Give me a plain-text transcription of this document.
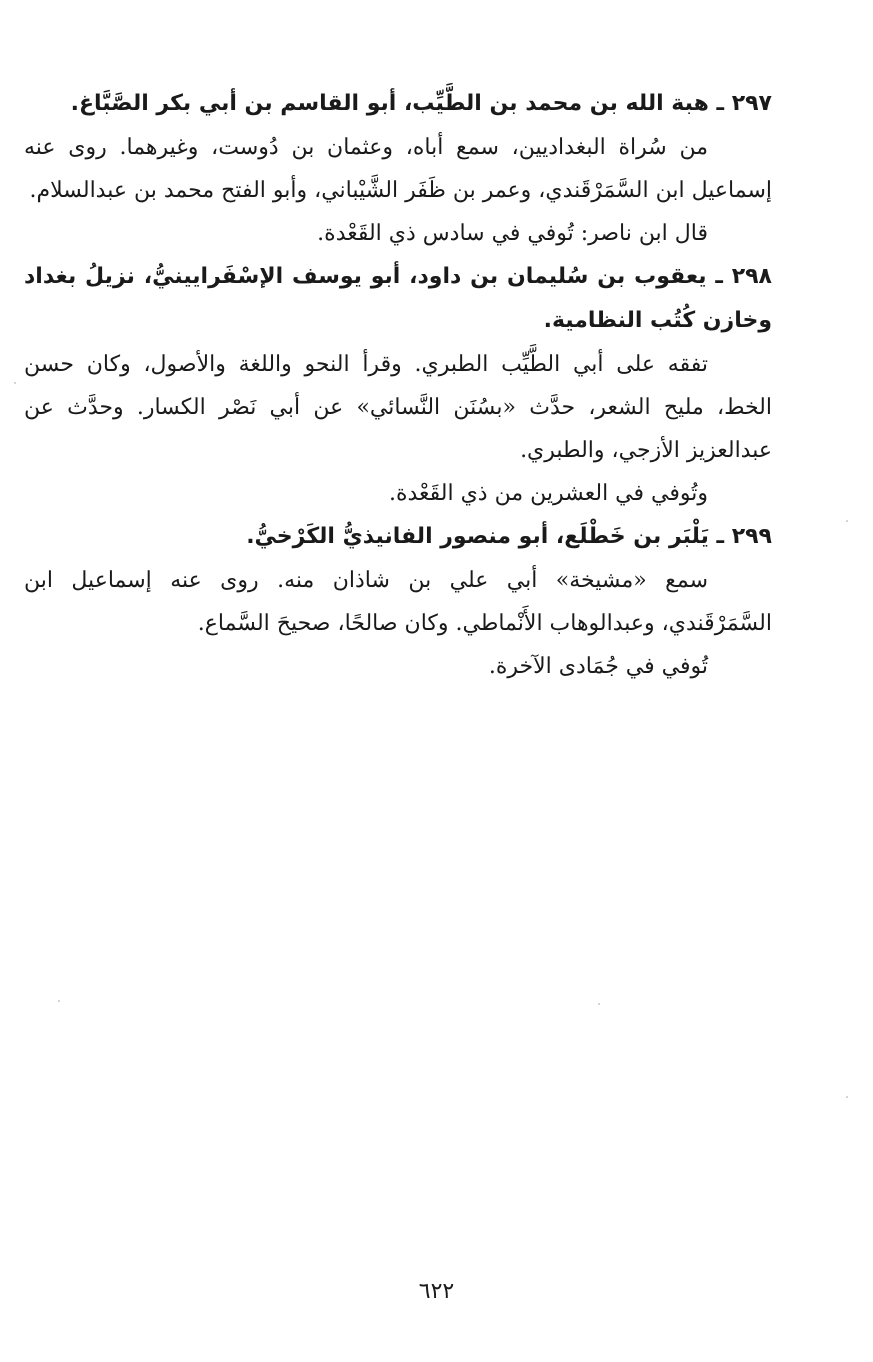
٢٩٧ ـ هبة الله بن محمد بن الطَّيِّب، أبو القاسم بن أبي بكر الصَّبَّاغ.

من سُراة البغداديين، سمع أباه، وعثمان بن دُوست، وغيرهما. روى عنه إسماعيل ابن السَّمَرْقَندي، وعمر بن ظَفَر الشَّيْباني، وأبو الفتح محمد بن عبدالسلام.

قال ابن ناصر: تُوفي في سادس ذي القَعْدة.

٢٩٨ ـ يعقوب بن سُليمان بن داود، أبو يوسف الإسْفَرايينيُّ، نزيلُ بغداد وخازن كُتُب النظامية.

تفقه على أبي الطَّيِّب الطبري. وقرأ النحو واللغة والأصول، وكان حسن الخط، مليح الشعر، حدَّث «بسُنَن النَّسائي» عن أبي نَصْر الكسار. وحدَّث عن عبدالعزيز الأزجي، والطبري.

وتُوفي في العشرين من ذي القَعْدة.

٢٩٩ ـ يَلْبَر بن خَطْلَع، أبو منصور الفانيذيُّ الكَرْخيُّ.

سمع «مشيخة» أبي علي بن شاذان منه. روى عنه إسماعيل ابن السَّمَرْقَندي، وعبدالوهاب الأَنْماطي. وكان صالحًا، صحيحَ السَّماع.

تُوفي في جُمَادى الآخرة.

٦٢٢
